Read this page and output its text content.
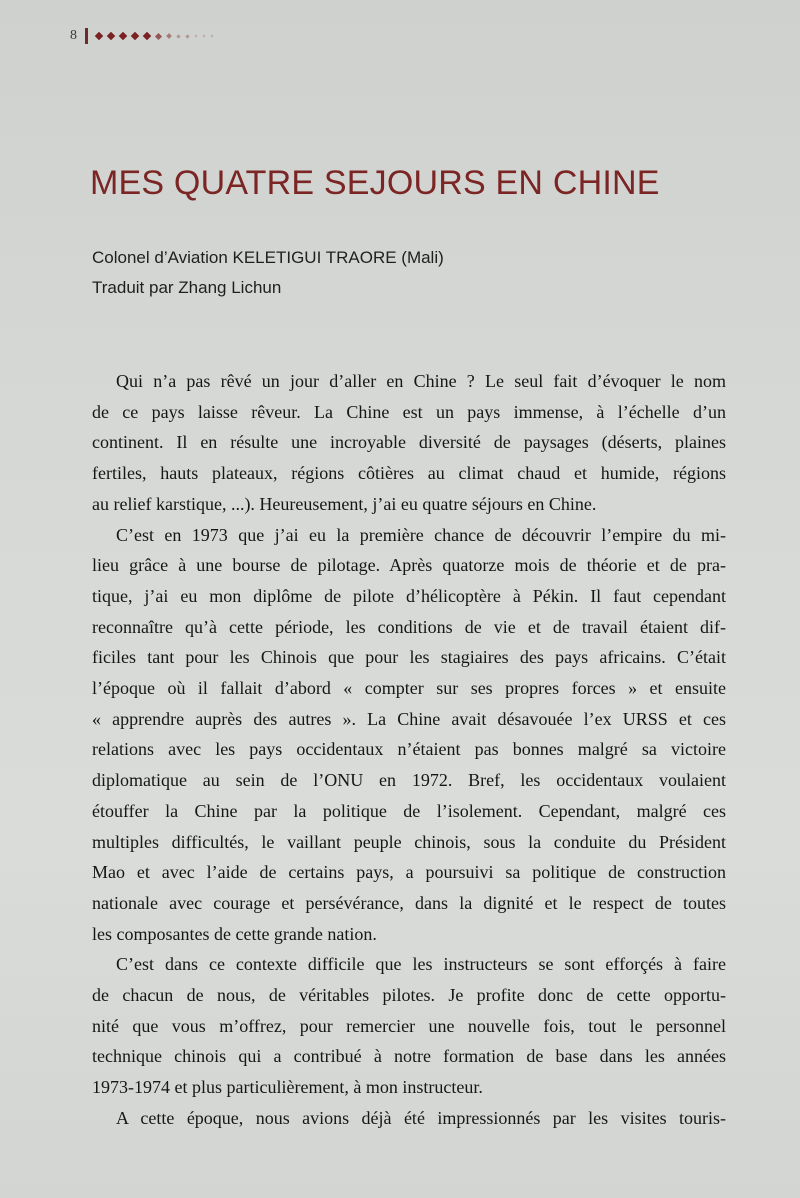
8
MES QUATRE SEJOURS EN CHINE
Colonel d’Aviation KELETIGUI TRAORE (Mali)
Traduit par Zhang Lichun
Qui n’a pas rêvé un jour d’aller en Chine ? Le seul fait d’évoquer le nom
de ce pays laisse rêveur. La Chine est un pays immense, à l’échelle d’un
continent. Il en résulte une incroyable diversité de paysages (déserts, plaines
fertiles, hauts plateaux, régions côtières au climat chaud et humide, régions
au relief karstique, ...). Heureusement, j’ai eu quatre séjours en Chine.
C’est en 1973 que j’ai eu la première chance de découvrir l’empire du mi-
lieu grâce à une bourse de pilotage. Après quatorze mois de théorie et de pra-
tique, j’ai eu mon diplôme de pilote d’hélicoptère à Pékin. Il faut cependant
reconnaître qu’à cette période, les conditions de vie et de travail étaient dif-
ficiles tant pour les Chinois que pour les stagiaires des pays africains. C’était
l’époque où il fallait d’abord « compter sur ses propres forces » et ensuite
« apprendre auprès des autres ». La Chine avait désavouée l’ex URSS et ces
relations avec les pays occidentaux n’étaient pas bonnes malgré sa victoire
diplomatique au sein de l’ONU en 1972. Bref, les occidentaux voulaient
étouffer la Chine par la politique de l’isolement. Cependant, malgré ces
multiples difficultés, le vaillant peuple chinois, sous la conduite du Président
Mao et avec l’aide de certains pays, a poursuivi sa politique de construction
nationale avec courage et persévérance, dans la dignité et le respect de toutes
les composantes de cette grande nation.
C’est dans ce contexte difficile que les instructeurs se sont efforçés à faire
de chacun de nous, de véritables pilotes. Je profite donc de cette opportu-
nité que vous m’offrez, pour remercier une nouvelle fois, tout le personnel
technique chinois qui a contribué à notre formation de base dans les années
1973-1974 et plus particulièrement, à mon instructeur.
A cette époque, nous avions déjà été impressionnés par les visites touris-
